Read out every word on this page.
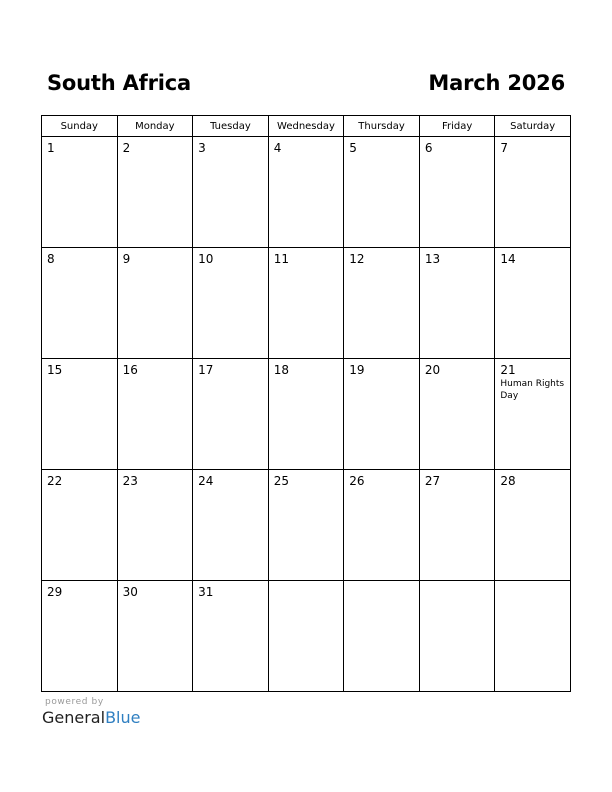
South Africa	March 2026
Sunday	Monday	Tuesday	Wednesday	Thursday	Friday	Saturday

1	2	3	4	5	6	7

8	9	10	11	12	13	14

15	16	17	18	19	20	21
Human Rights Day

22	23	24	25	26	27	28

29	30	31				

powered by
GeneralBlue
